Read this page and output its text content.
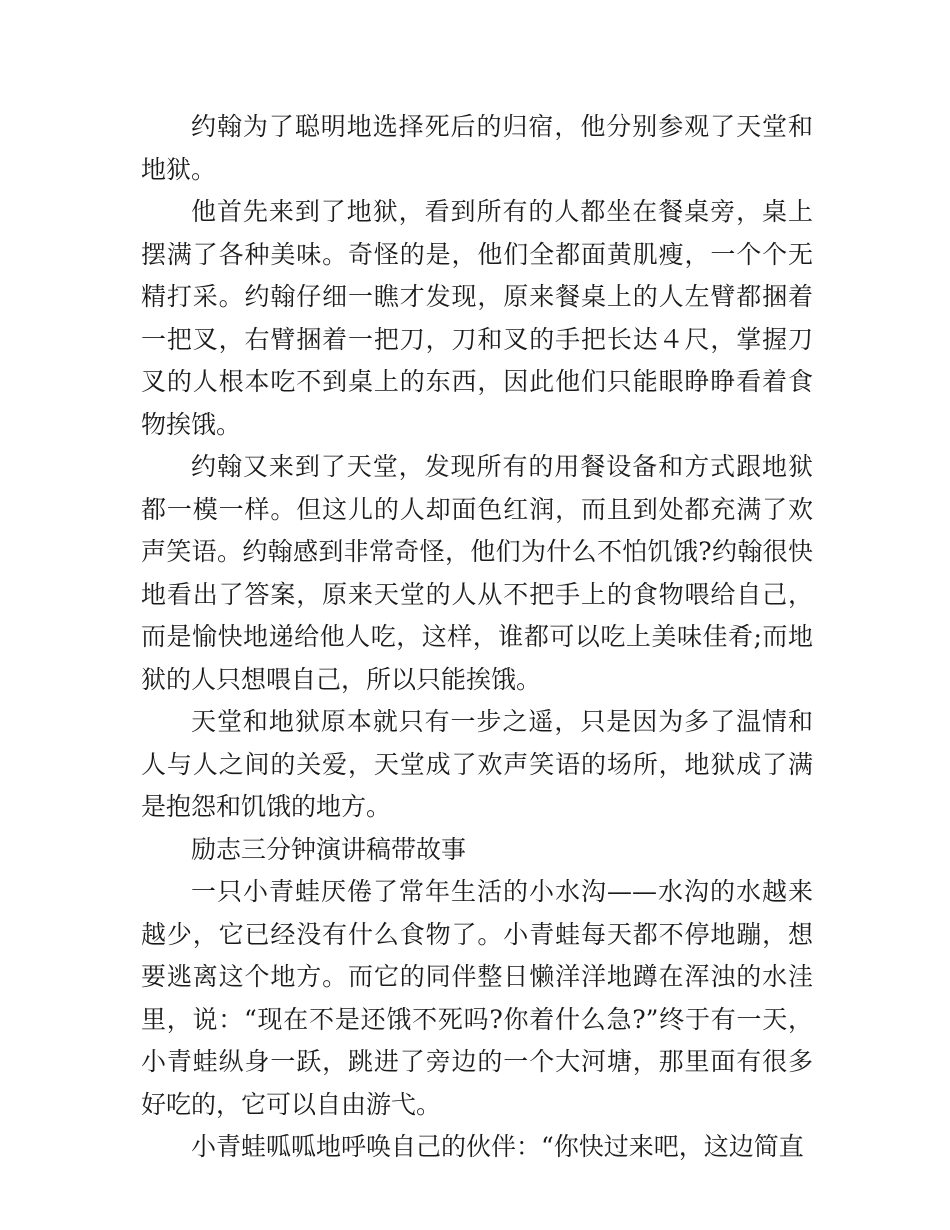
约翰为了聪明地选择死后的归宿，他分别参观了天堂和地狱。

他首先来到了地狱，看到所有的人都坐在餐桌旁，桌上摆满了各种美味。奇怪的是，他们全都面黄肌瘦，一个个无精打采。约翰仔细一瞧才发现，原来餐桌上的人左臂都捆着一把叉，右臂捆着一把刀，刀和叉的手把长达４尺，掌握刀叉的人根本吃不到桌上的东西，因此他们只能眼睁睁看着食物挨饿。

约翰又来到了天堂，发现所有的用餐设备和方式跟地狱都一模一样。但这儿的人却面色红润，而且到处都充满了欢声笑语。约翰感到非常奇怪，他们为什么不怕饥饿?约翰很快地看出了答案，原来天堂的人从不把手上的食物喂给自己，而是愉快地递给他人吃，这样，谁都可以吃上美味佳肴;而地狱的人只想喂自己，所以只能挨饿。

天堂和地狱原本就只有一步之遥，只是因为多了温情和人与人之间的关爱，天堂成了欢声笑语的场所，地狱成了满是抱怨和饥饿的地方。

励志三分钟演讲稿带故事

一只小青蛙厌倦了常年生活的小水沟——水沟的水越来越少，它已经没有什么食物了。小青蛙每天都不停地蹦，想要逃离这个地方。而它的同伴整日懒洋洋地蹲在浑浊的水洼里，说：“现在不是还饿不死吗?你着什么急?”终于有一天，小青蛙纵身一跃，跳进了旁边的一个大河塘，那里面有很多好吃的，它可以自由游弋。

小青蛙呱呱地呼唤自己的伙伴：“你快过来吧，这边简直
